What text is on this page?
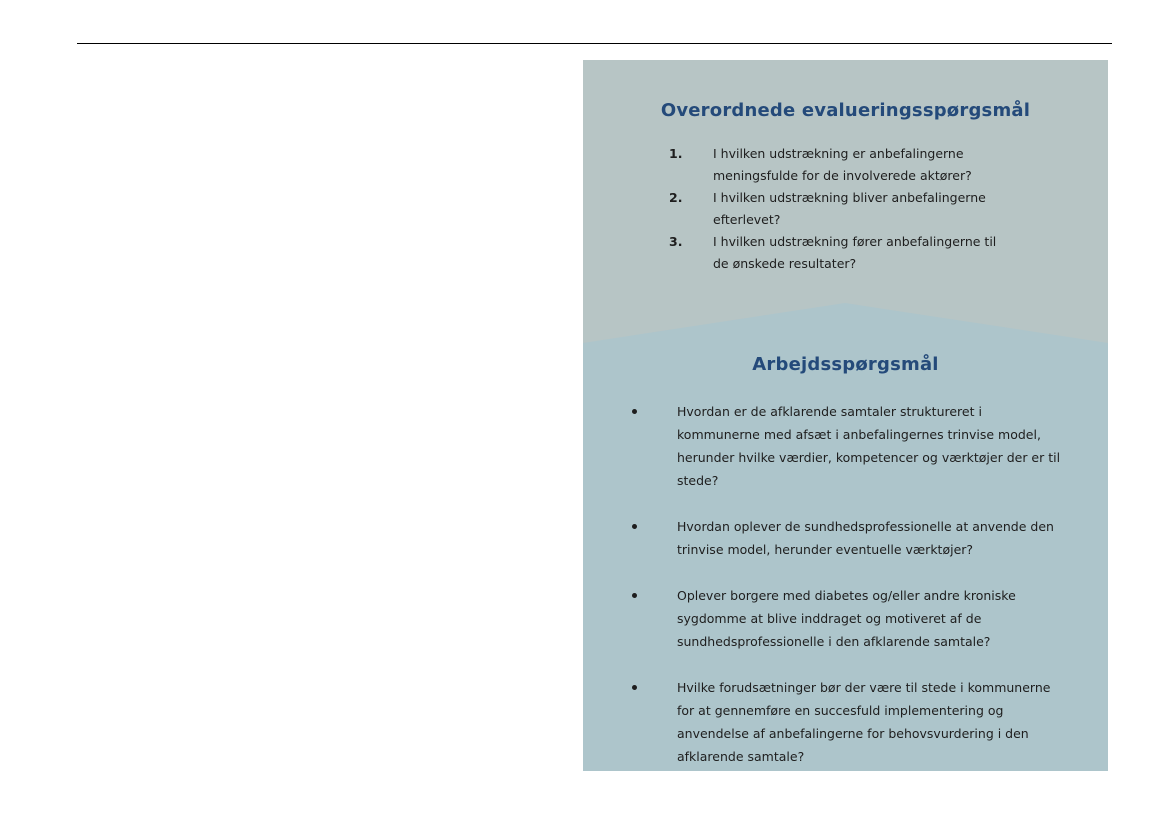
Overordnede evalueringsspørgsmål
1. I hvilken udstrækning er anbefalingerne meningsfulde for de involverede aktører?
2. I hvilken udstrækning bliver anbefalingerne efterlevet?
3. I hvilken udstrækning fører anbefalingerne til de ønskede resultater?
Arbejdsspørgsmål
Hvordan er de afklarende samtaler struktureret i kommunerne med afsæt i anbefalingernes trinvise model, herunder hvilke værdier, kompetencer og værktøjer der er til stede?
Hvordan oplever de sundhedsprofessionelle at anvende den trinvise model, herunder eventuelle værktøjer?
Oplever borgere med diabetes og/eller andre kroniske sygdomme at blive inddraget og motiveret af de sundhedsprofessionelle i den afklarende samtale?
Hvilke forudsætninger bør der være til stede i kommunerne for at gennemføre en succesfuld implementering og anvendelse af anbefalingerne for behovsvurdering i den afklarende samtale?
